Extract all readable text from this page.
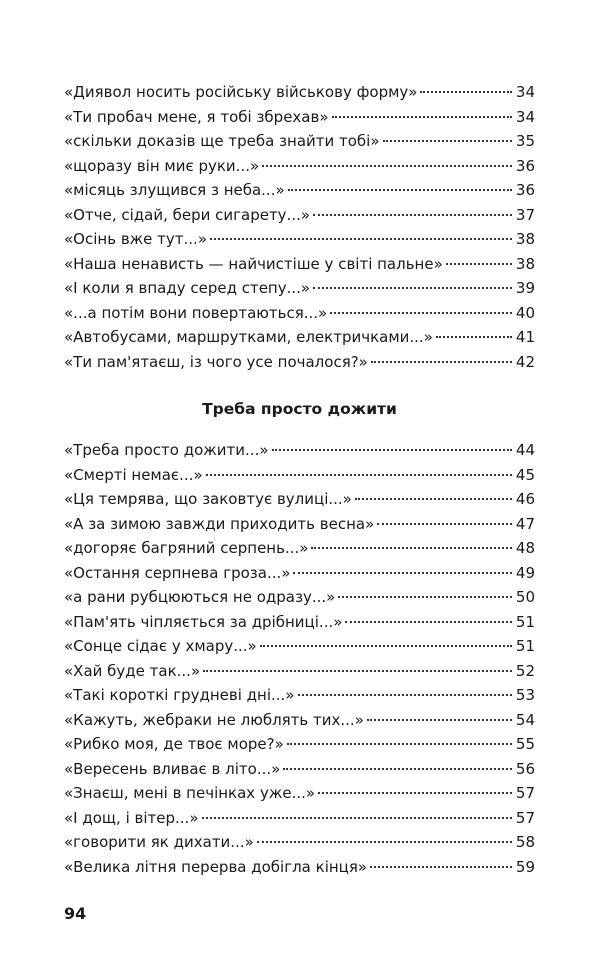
«Диявол носить російську військову форму»	34
«Ти пробач мене, я тобі збрехав»	34
«скільки доказів ще треба знайти тобі»	35
«щоразу він миє руки...»	36
«місяць злущився з неба...»	36
«Отче, сідай, бери сигарету...»	37
«Осінь вже тут...»	38
«Наша ненависть — найчистіше у світі пальне»	38
«І коли я впаду серед степу...»	39
«...а потім вони повертаються...»	40
«Автобусами, маршрутками, електричками...»	41
«Ти пам'ятаєш, із чого усе почалося?»	42
Треба просто дожити
«Треба просто дожити...»	44
«Смерті немає...»	45
«Ця темрява, що заковтує вулиці...»	46
«А за зимою завжди приходить весна»	47
«догоряє багряний серпень...»	48
«Остання серпнева гроза...»	49
«а рани рубцюються не одразу...»	50
«Пам'ять чіпляється за дрібниці...»	51
«Сонце сідає у хмару...»	51
«Хай буде так...»	52
«Такі короткі грудневі дні...»	53
«Кажуть, жебраки не люблять тих...»	54
«Рибко моя, де твоє море?»	55
«Вересень вливає в літо...»	56
«Знаєш, мені в печінках уже...»	57
«І дощ, і вітер...»	57
«говорити як дихати...»	58
«Велика літня перерва добігла кінця»	59
94
